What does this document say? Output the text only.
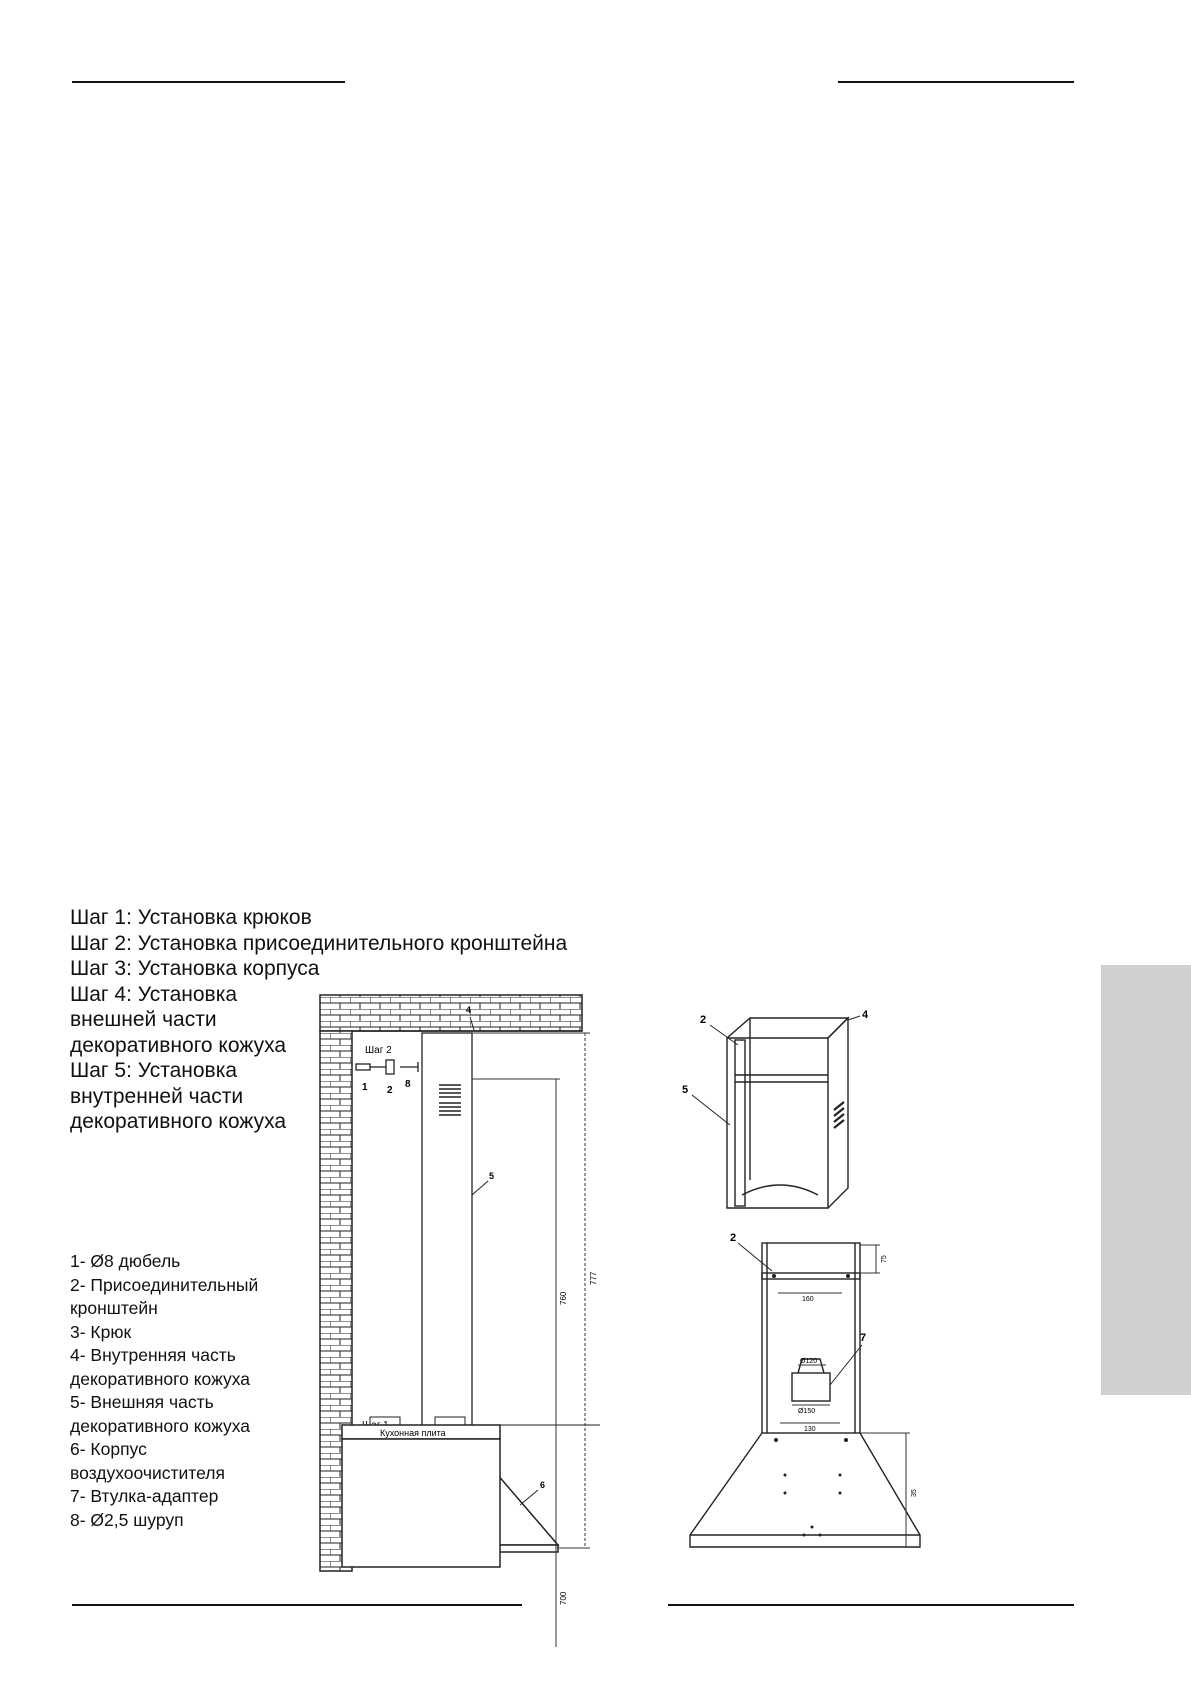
Шаг 1: Установка крюков
Шаг 2: Установка присоединительного кронштейна
Шаг 3: Установка корпуса
Шаг 4: Установка
внешней части
декоративного кожуха
Шаг 5: Установка
внутренней части
декоративного кожуха
1- Ø8 дюбель
2- Присоединительный
кронштейн
3- Крюк
4- Внутренняя часть
декоративного кожуха
5- Внешняя часть
декоративного кожуха
6- Корпус
воздухоочистителя
7- Втулка-адаптер
8- Ø2,5 шуруп
Шаг 2
1 2
8
4
5
6
777
760
700
Кухонная плита
2	4
5
160
75
Ø120
Ø150
130
35
2
7
